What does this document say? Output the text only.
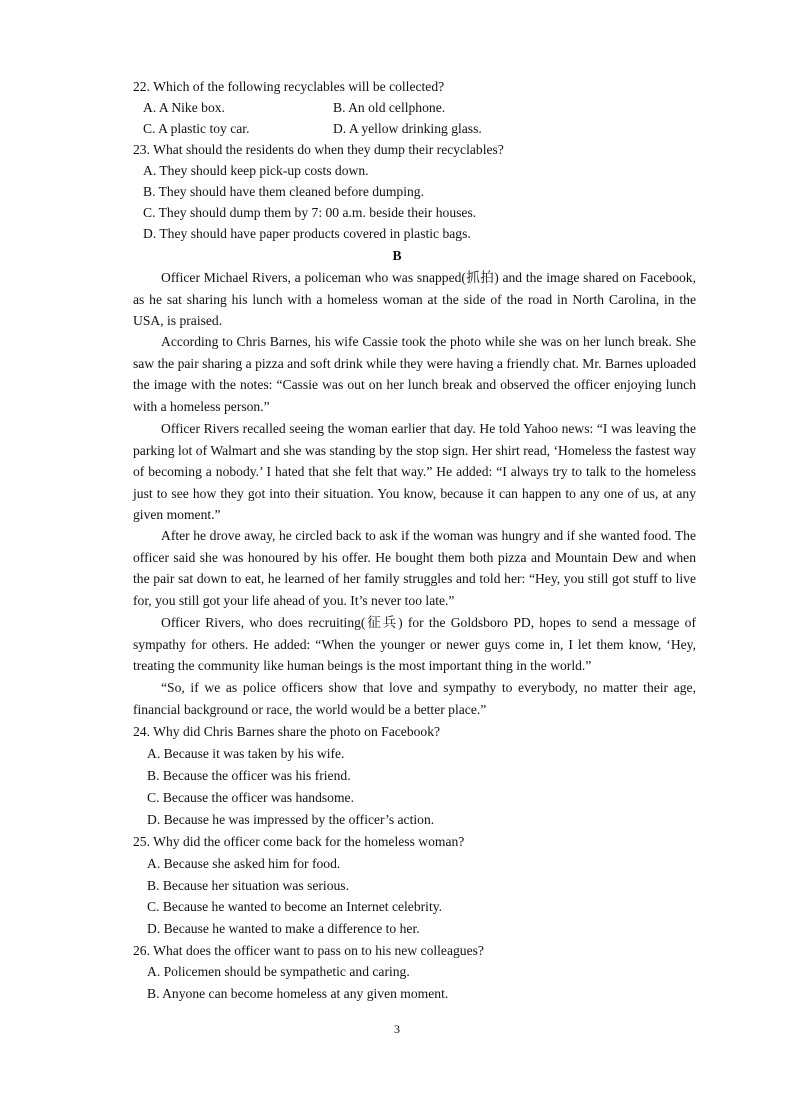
22. Which of the following recyclables will be collected?
A. A Nike box.	B. An old cellphone.
C. A plastic toy car.	D. A yellow drinking glass.
23. What should the residents do when they dump their recyclables?
A. They should keep pick-up costs down.
B. They should have them cleaned before dumping.
C. They should dump them by 7: 00 a.m. beside their houses.
D. They should have paper products covered in plastic bags.
B
Officer Michael Rivers, a policeman who was snapped(抓拍) and the image shared on Facebook, as he sat sharing his lunch with a homeless woman at the side of the road in North Carolina, in the USA, is praised.
According to Chris Barnes, his wife Cassie took the photo while she was on her lunch break. She saw the pair sharing a pizza and soft drink while they were having a friendly chat. Mr. Barnes uploaded the image with the notes: “Cassie was out on her lunch break and observed the officer enjoying lunch with a homeless person.”
Officer Rivers recalled seeing the woman earlier that day. He told Yahoo news: “I was leaving the parking lot of Walmart and she was standing by the stop sign. Her shirt read, ‘Homeless the fastest way of becoming a nobody.’ I hated that she felt that way.” He added: “I always try to talk to the homeless just to see how they got into their situation. You know, because it can happen to any one of us, at any given moment.”
After he drove away, he circled back to ask if the woman was hungry and if she wanted food. The officer said she was honoured by his offer. He bought them both pizza and Mountain Dew and when the pair sat down to eat, he learned of her family struggles and told her: “Hey, you still got stuff to live for, you still got your life ahead of you. It’s never too late.”
Officer Rivers, who does recruiting(征兵) for the Goldsboro PD, hopes to send a message of sympathy for others. He added: “When the younger or newer guys come in, I let them know, ‘Hey, treating the community like human beings is the most important thing in the world.”
“So, if we as police officers show that love and sympathy to everybody, no matter their age, financial background or race, the world would be a better place.”
24. Why did Chris Barnes share the photo on Facebook?
A. Because it was taken by his wife.
B. Because the officer was his friend.
C. Because the officer was handsome.
D. Because he was impressed by the officer’s action.
25. Why did the officer come back for the homeless woman?
A. Because she asked him for food.
B. Because her situation was serious.
C. Because he wanted to become an Internet celebrity.
D. Because he wanted to make a difference to her.
26. What does the officer want to pass on to his new colleagues?
A. Policemen should be sympathetic and caring.
B. Anyone can become homeless at any given moment.
3
